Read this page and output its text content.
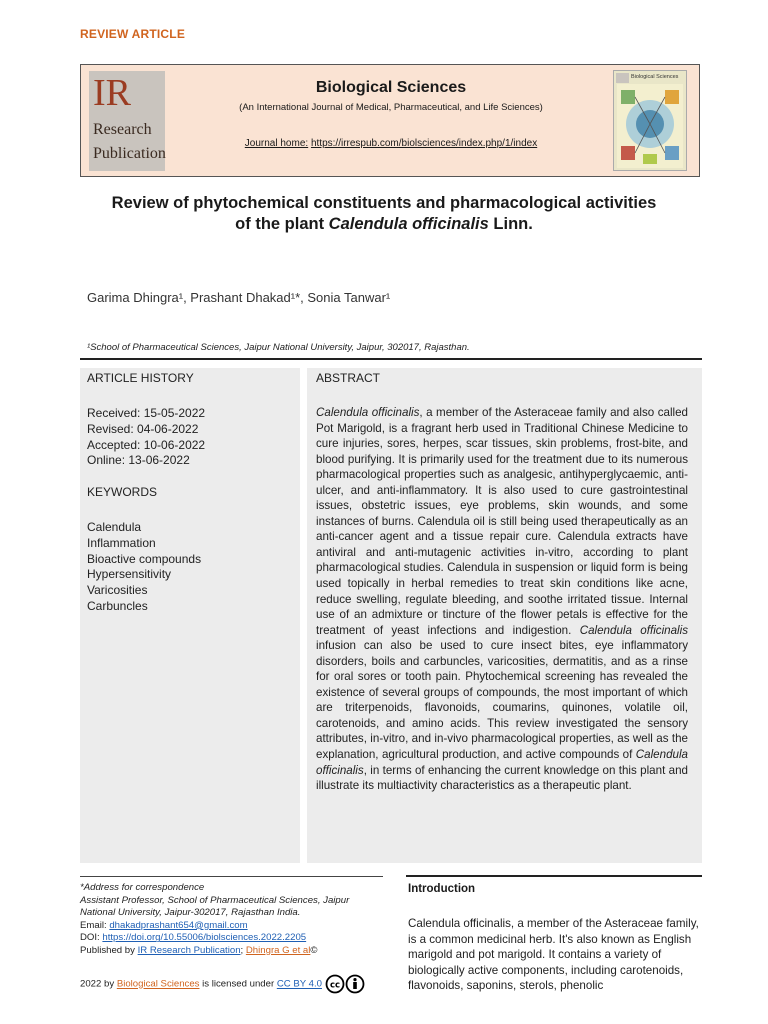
REVIEW ARTICLE
IR
Research
Publication
Biological Sciences
(An International Journal of Medical, Pharmaceutical, and Life Sciences)
Journal home: https://irrespub.com/biolsciences/index.php/1/index
Biological Sciences
Review of phytochemical constituents and pharmacological activities
of the plant Calendula officinalis Linn.
Garima Dhingra¹, Prashant Dhakad¹*, Sonia Tanwar¹
¹School of Pharmaceutical Sciences, Jaipur National University, Jaipur, 302017, Rajasthan.
ARTICLE HISTORY
Received: 15-05-2022
Revised: 04-06-2022
Accepted: 10-06-2022
Online: 13-06-2022
KEYWORDS
Calendula
Inflammation
Bioactive compounds
Hypersensitivity
Varicosities
Carbuncles
ABSTRACT
Calendula officinalis, a member of the Asteraceae family and also called Pot Marigold, is a fragrant herb used in Traditional Chinese Medicine to cure injuries, sores, herpes, scar tissues, skin problems, frost-bite, and blood purifying. It is primarily used for the treatment due to its numerous pharmacological properties such as analgesic, antihyperglycaemic, anti-ulcer, and anti-inflammatory. It is also used to cure gastrointestinal issues, obstetric issues, eye problems, skin wounds, and some instances of burns. Calendula oil is still being used therapeutically as an anti-cancer agent and a tissue repair cure. Calendula extracts have antiviral and anti-mutagenic activities in-vitro, according to plant pharmacological studies. Calendula in suspension or liquid form is being used topically in herbal remedies to treat skin conditions like acne, reduce swelling, regulate bleeding, and soothe irritated tissue. Internal use of an admixture or tincture of the flower petals is effective for the treatment of yeast infections and indigestion. Calendula officinalis infusion can also be used to cure insect bites, eye inflammatory disorders, boils and carbuncles, varicosities, dermatitis, and as a rinse for oral sores or tooth pain. Phytochemical screening has revealed the existence of several groups of compounds, the most important of which are triterpenoids, flavonoids, coumarins, quinones, volatile oil, carotenoids, and amino acids. This review investigated the sensory attributes, in-vitro, and in-vivo pharmacological properties, as well as the explanation, agricultural production, and active compounds of Calendula officinalis, in terms of enhancing the current knowledge on this plant and illustrate its multiactivity characteristics as a therapeutic plant.
*Address for correspondence
Assistant Professor, School of Pharmaceutical Sciences, Jaipur National University, Jaipur-302017, Rajasthan India.
Email: dhakadprashant654@gmail.com
DOI: https://doi.org/10.55006/biolsciences.2022.2205
Published by IR Research Publication; Dhingra G et al©
2022 by Biological Sciences is licensed under CC BY 4.0 cc
Introduction
Calendula officinalis, a member of the Asteraceae family, is a common medicinal herb. It's also known as English marigold and pot marigold. It contains a variety of biologically active components, including carotenoids, flavonoids, saponins, sterols, phenolic
